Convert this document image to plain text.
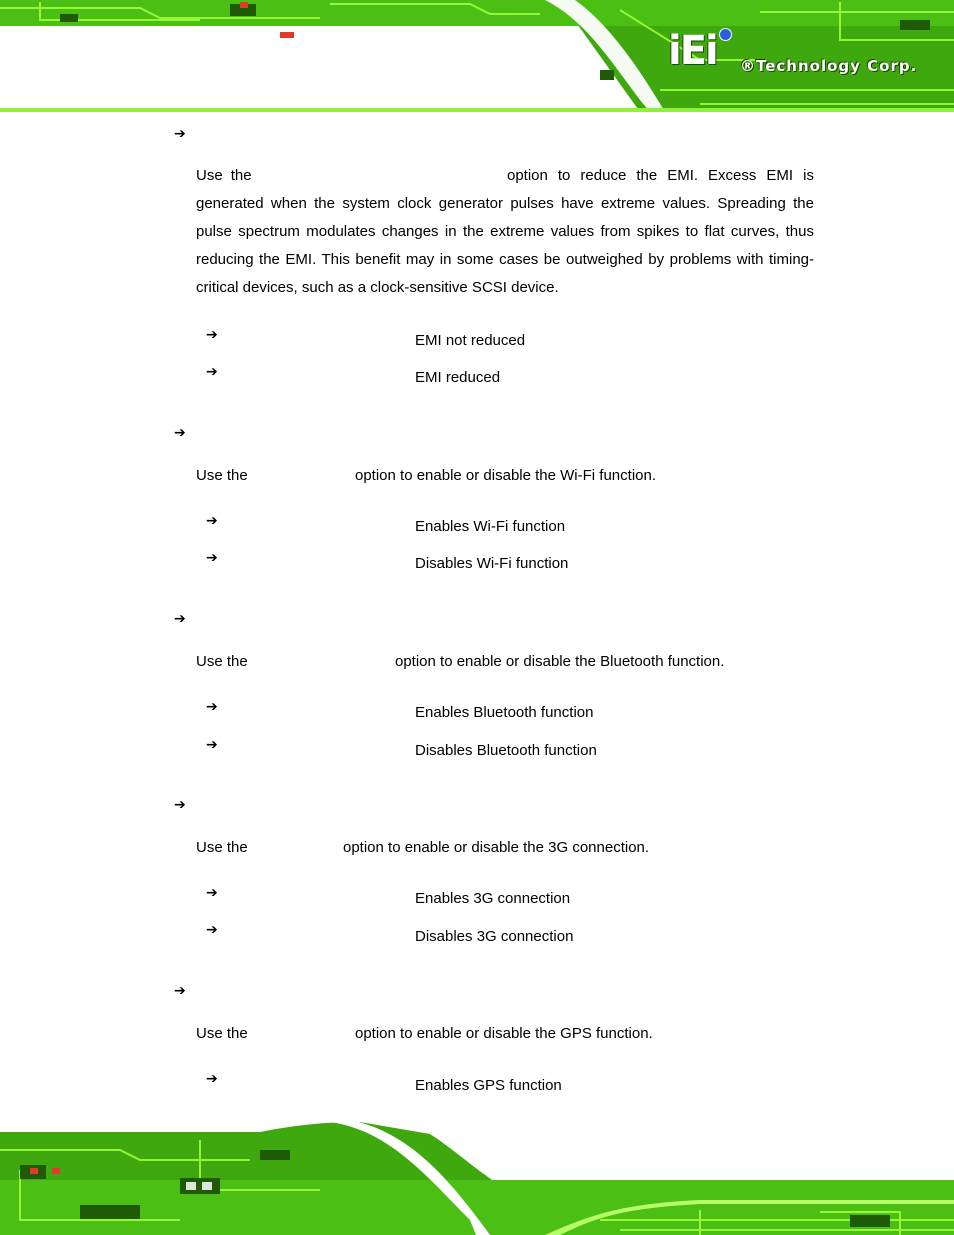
iEi ®Technology Corp.
➔
Use the	option to reduce the EMI. Excess EMI is
generated when the system clock generator pulses have extreme values. Spreading the pulse spectrum modulates changes in the extreme values from spikes to flat curves, thus reducing the EMI. This benefit may in some cases be outweighed by problems with timing-critical devices, such as a clock-sensitive SCSI device.
➔	EMI not reduced
➔	EMI reduced
➔
Use the	option to enable or disable the Wi-Fi function.
➔	Enables Wi-Fi function
➔	Disables Wi-Fi function
➔
Use the	option to enable or disable the Bluetooth function.
➔	Enables Bluetooth function
➔	Disables Bluetooth function
➔
Use the	option to enable or disable the 3G connection.
➔	Enables 3G connection
➔	Disables 3G connection
➔
Use the	option to enable or disable the GPS function.
➔	Enables GPS function
